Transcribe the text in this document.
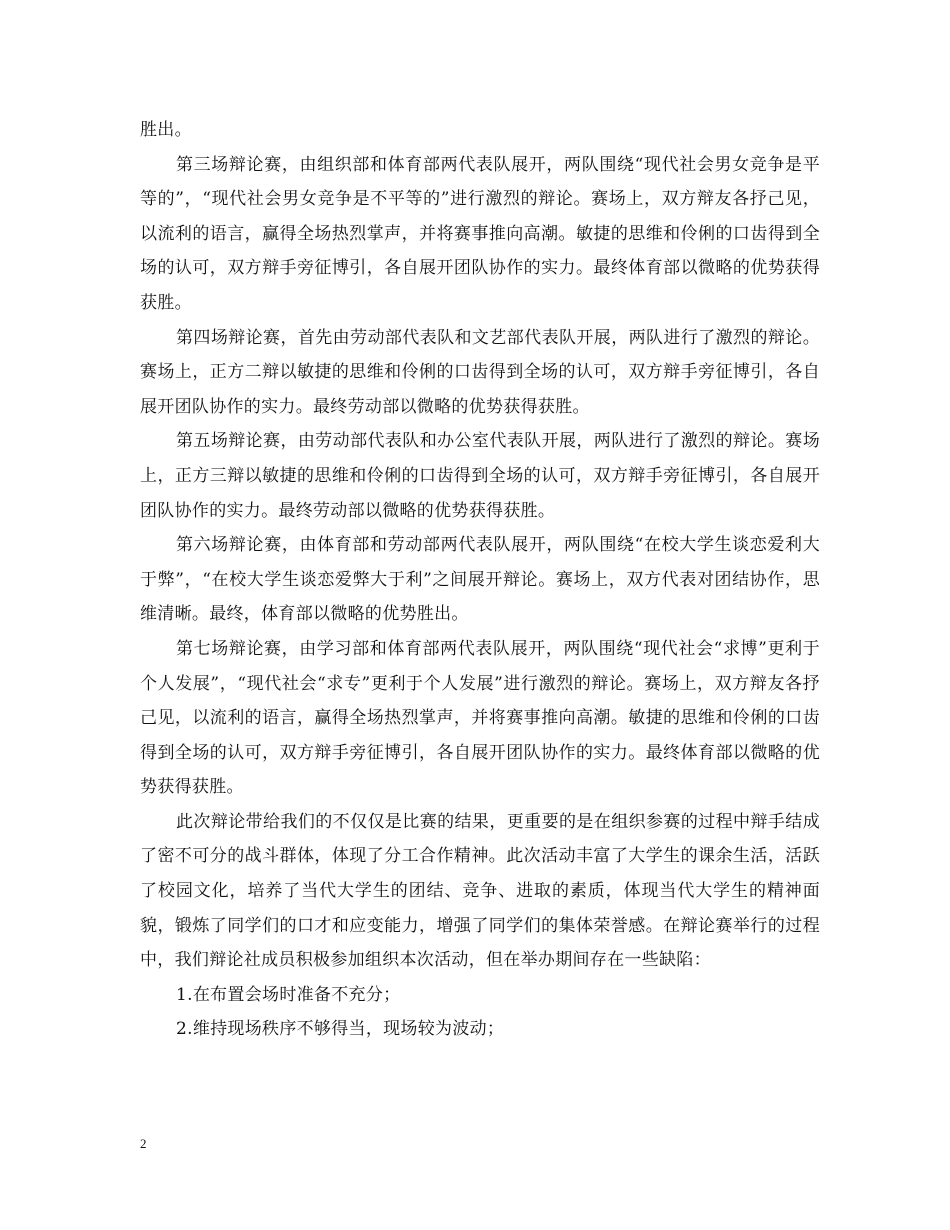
胜出。

第三场辩论赛，由组织部和体育部两代表队展开，两队围绕“现代社会男女竞争是平等的”，“现代社会男女竞争是不平等的”进行激烈的辩论。赛场上，双方辩友各抒己见，以流利的语言，赢得全场热烈掌声，并将赛事推向高潮。敏捷的思维和伶俐的口齿得到全场的认可，双方辩手旁征博引，各自展开团队协作的实力。最终体育部以微略的优势获得获胜。

第四场辩论赛，首先由劳动部代表队和文艺部代表队开展，两队进行了激烈的辩论。赛场上，正方二辩以敏捷的思维和伶俐的口齿得到全场的认可，双方辩手旁征博引，各自展开团队协作的实力。最终劳动部以微略的优势获得获胜。

第五场辩论赛，由劳动部代表队和办公室代表队开展，两队进行了激烈的辩论。赛场上，正方三辩以敏捷的思维和伶俐的口齿得到全场的认可，双方辩手旁征博引，各自展开团队协作的实力。最终劳动部以微略的优势获得获胜。

第六场辩论赛，由体育部和劳动部两代表队展开，两队围绕“在校大学生谈恋爱利大于弊”，“在校大学生谈恋爱弊大于利”之间展开辩论。赛场上，双方代表对团结协作，思维清晰。最终，体育部以微略的优势胜出。

第七场辩论赛，由学习部和体育部两代表队展开，两队围绕“现代社会“求博”更利于个人发展”，“现代社会“求专”更利于个人发展”进行激烈的辩论。赛场上，双方辩友各抒己见，以流利的语言，赢得全场热烈掌声，并将赛事推向高潮。敏捷的思维和伶俐的口齿得到全场的认可，双方辩手旁征博引，各自展开团队协作的实力。最终体育部以微略的优势获得获胜。

此次辩论带给我们的不仅仅是比赛的结果，更重要的是在组织参赛的过程中辩手结成了密不可分的战斗群体，体现了分工合作精神。此次活动丰富了大学生的课余生活，活跃了校园文化，培养了当代大学生的团结、竞争、进取的素质，体现当代大学生的精神面貌，锻炼了同学们的口才和应变能力，增强了同学们的集体荣誉感。在辩论赛举行的过程中，我们辩论社成员积极参加组织本次活动，但在举办期间存在一些缺陷：

1.在布置会场时准备不充分；

2.维持现场秩序不够得当，现场较为波动；

2
